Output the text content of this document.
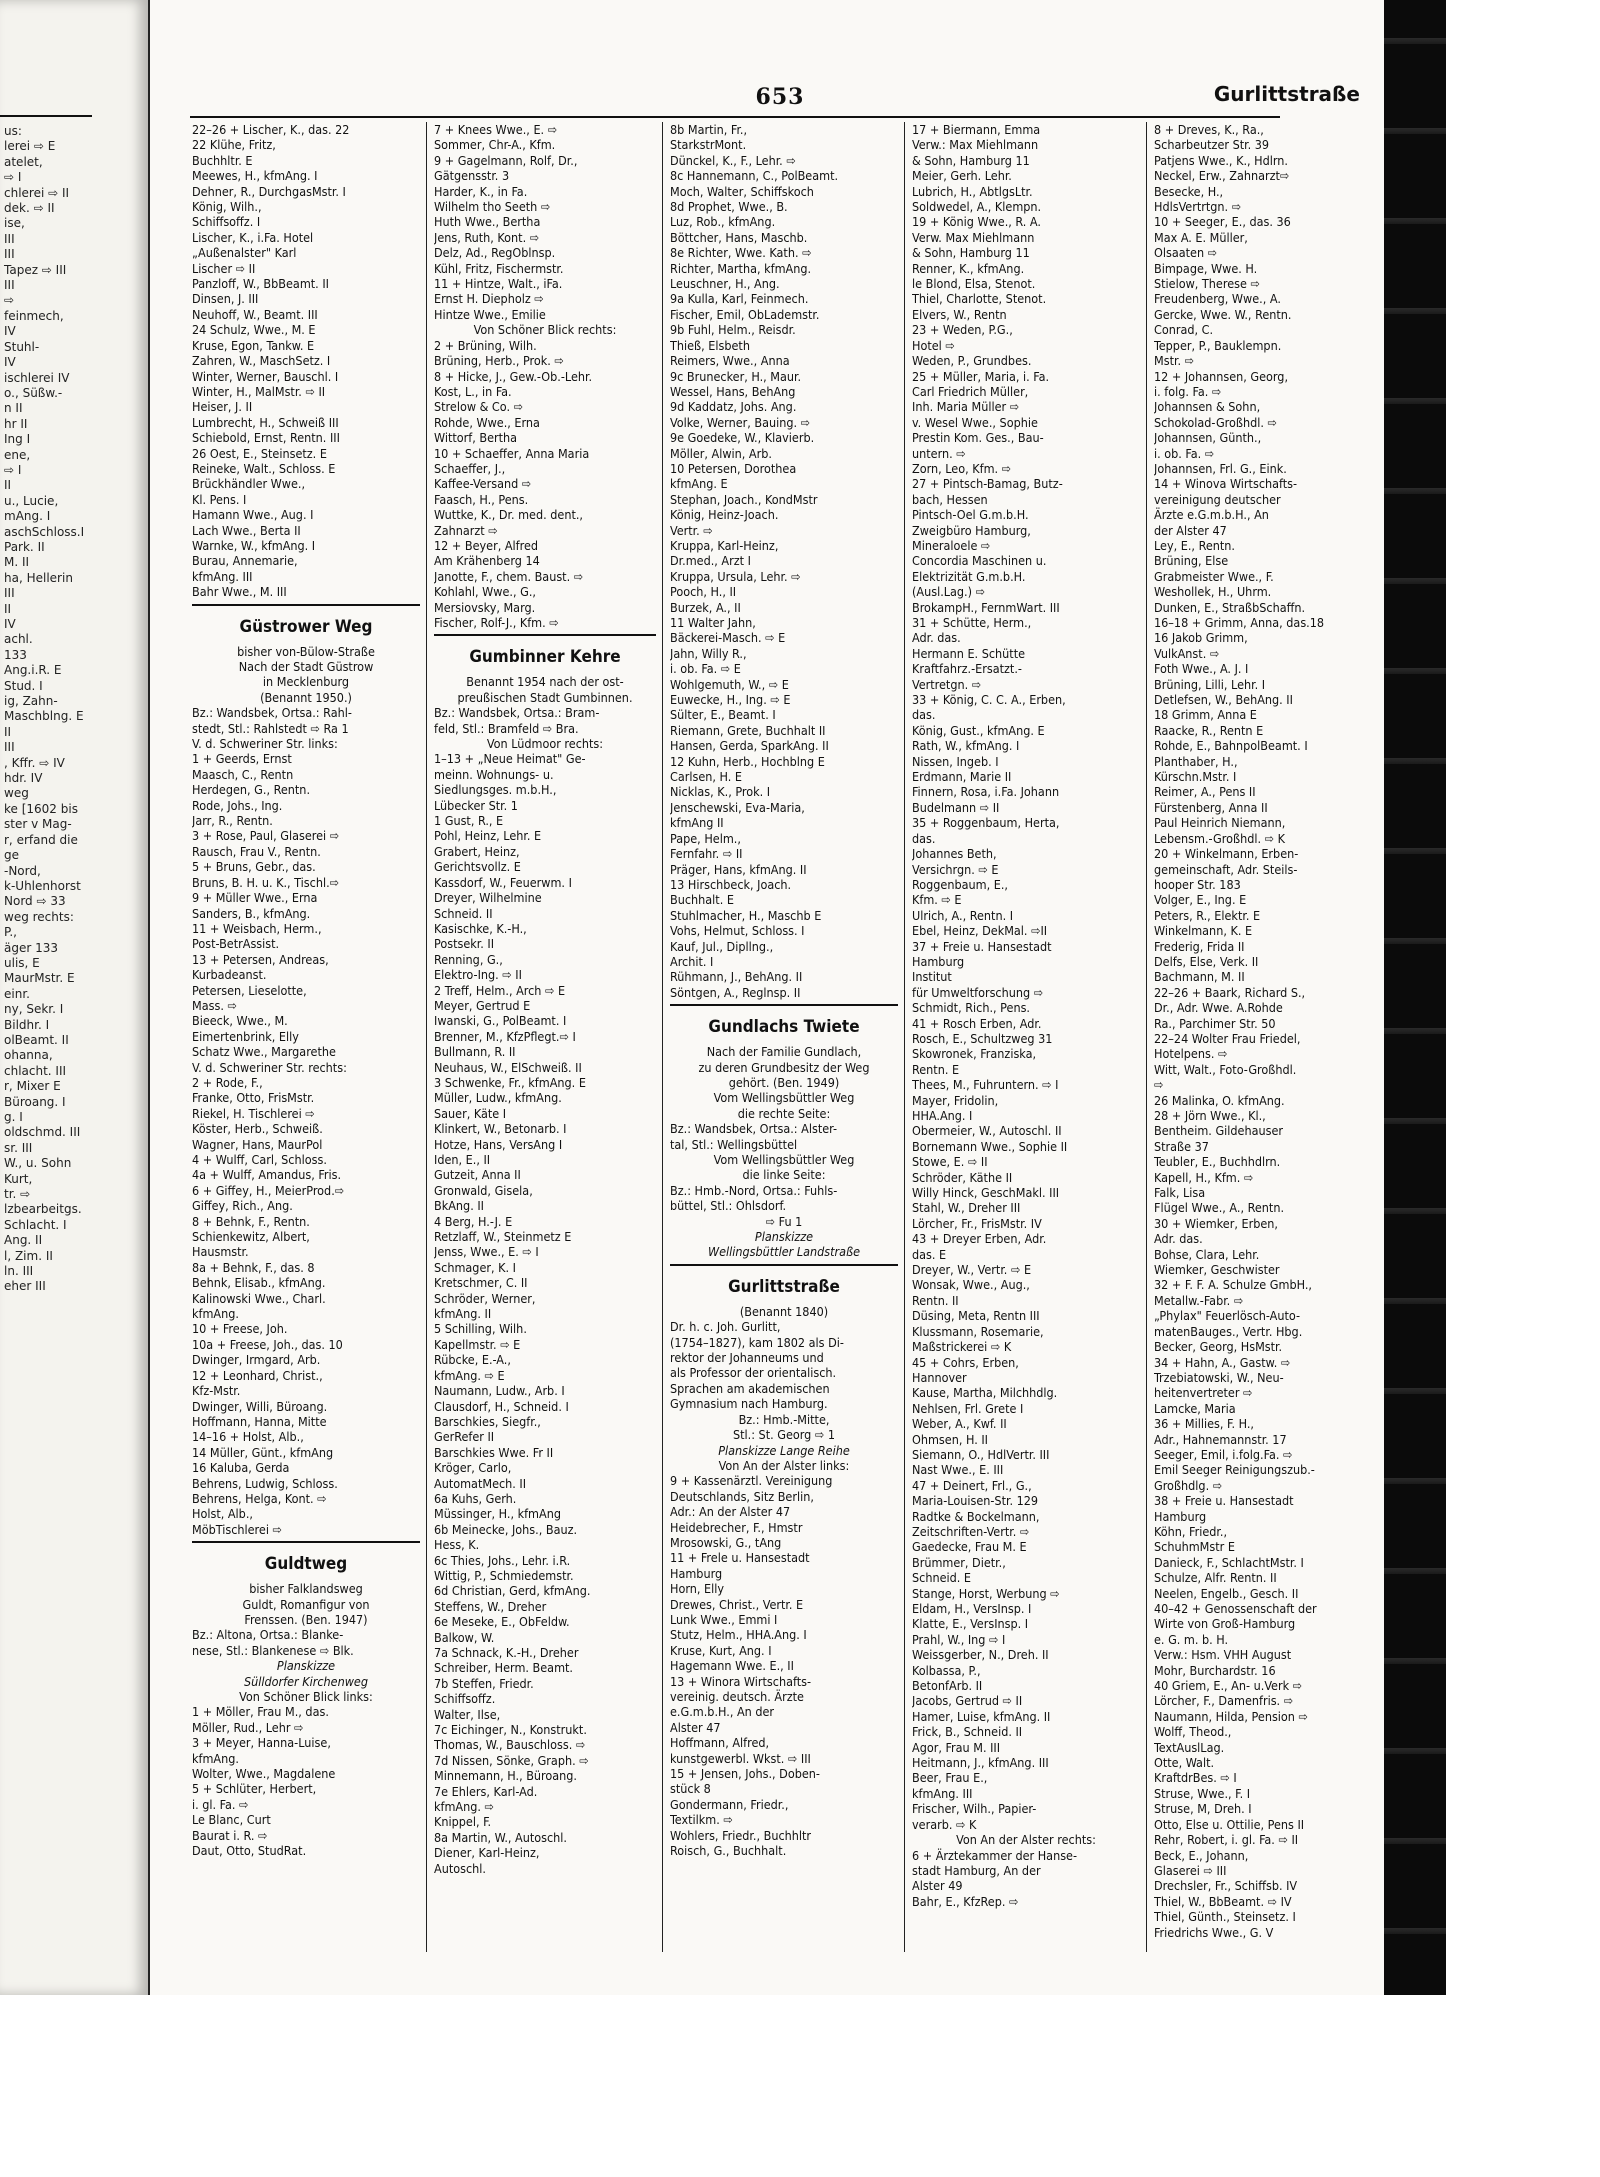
us:
lerei ⇨ E
atelet,
⇨ I
chlerei ⇨ II
dek. ⇨ II
ise,
III
III
Tapez ⇨ III
III
⇨
feinmech,
IV
Stuhl-
IV
ischlerei IV
o., Süßw.-
n II
hr II
Ing I
ene,
⇨ I
II
u., Lucie,
mAng. I
aschSchloss.I
Park. II
M. II
ha, Hellerin
III
II
IV
achl.
133
Ang.i.R. E
Stud. I
ig, Zahn-
Maschblng. E
II
III
, Kffr. ⇨ IV
hdr. IV
weg
ke [1602 bis
ster v Mag-
r, erfand die
ge
-Nord,
k-Uhlenhorst
Nord ⇨ 33
weg rechts:
P.,
äger 133
ulis, E
MaurMstr. E
einr.
ny, Sekr. I
Bildhr. I
olBeamt. II
ohanna,
chlacht. III
r, Mixer E
Büroang. I
g. I
oldschmd. III
sr. III
W., u. Sohn
Kurt,
tr. ⇨
lzbearbeitgs.
Schlacht. I
Ang. II
l, Zim. II
ln. III
eher III
653	Gurlittstraße
22–26 + Lischer, K., das. 22
22 Klühe, Fritz,
Buchhltr. E
Meewes, H., kfmAng. I
Dehner, R., DurchgasMstr. I
König, Wilh.,
Schiffsoffz. I
Lischer, K., i.Fa. Hotel
„Außenalster" Karl
Lischer ⇨ II
Panzloff, W., BbBeamt. II
Dinsen, J. III
Neuhoff, W., Beamt. III
24 Schulz, Wwe., M. E
Kruse, Egon, Tankw. E
Zahren, W., MaschSetz. I
Winter, Werner, Bauschl. I
Winter, H., MalMstr. ⇨ II
Heiser, J. II
Lumbrecht, H., Schweiß III
Schiebold, Ernst, Rentn. III
26 Oest, E., Steinsetz. E
Reineke, Walt., Schloss. E
Brückhändler Wwe.,
Kl. Pens. I
Hamann Wwe., Aug. I
Lach Wwe., Berta II
Warnke, W., kfmAng. I
Burau, Annemarie,
kfmAng. III
Bahr Wwe., M. III
Güstrower Weg
bisher von-Bülow-Straße
Nach der Stadt Güstrow
in Mecklenburg
(Benannt 1950.)
Bz.: Wandsbek, Ortsa.: Rahl-
stedt, Stl.: Rahlstedt ⇨ Ra 1
V. d. Schweriner Str. links:
1 + Geerds, Ernst
Maasch, C., Rentn
Herdegen, G., Rentn.
Rode, Johs., Ing.
Jarr, R., Rentn.
3 + Rose, Paul, Glaserei ⇨
Rausch, Frau V., Rentn.
5 + Bruns, Gebr., das.
Bruns, B. H. u. K., Tischl.⇨
9 + Müller Wwe., Erna
Sanders, B., kfmAng.
11 + Weisbach, Herm.,
Post-BetrAssist.
13 + Petersen, Andreas,
Kurbadeanst.
Petersen, Lieselotte,
Mass. ⇨
Bieeck, Wwe., M.
Eimertenbrink, Elly
Schatz Wwe., Margarethe
V. d. Schweriner Str. rechts:
2 + Rode, F.,
Franke, Otto, FrisMstr.
Riekel, H. Tischlerei ⇨
Köster, Herb., Schweiß.
Wagner, Hans, MaurPol
4 + Wulff, Carl, Schloss.
4a + Wulff, Amandus, Fris.
6 + Giffey, H., MeierProd.⇨
Giffey, Rich., Ang.
8 + Behnk, F., Rentn.
Schienkewitz, Albert,
Hausmstr.
8a + Behnk, F., das. 8
Behnk, Elisab., kfmAng.
Kalinowski Wwe., Charl.
kfmAng.
10 + Freese, Joh.
10a + Freese, Joh., das. 10
Dwinger, Irmgard, Arb.
12 + Leonhard, Christ.,
Kfz-Mstr.
Dwinger, Willi, Büroang.
Hoffmann, Hanna, Mitte
14–16 + Holst, Alb.,
14 Müller, Günt., kfmAng
16 Kaluba, Gerda
Behrens, Ludwig, Schloss.
Behrens, Helga, Kont. ⇨
Holst, Alb.,
MöbTischlerei ⇨
Guldtweg
bisher Falklandsweg
Guldt, Romanfigur von
Frenssen. (Ben. 1947)
Bz.: Altona, Ortsa.: Blanke-
nese, Stl.: Blankenese ⇨ Blk.
Planskizze
Sülldorfer Kirchenweg
Von Schöner Blick links:
1 + Möller, Frau M., das.
Möller, Rud., Lehr ⇨
3 + Meyer, Hanna-Luise,
kfmAng.
Wolter, Wwe., Magdalene
5 + Schlüter, Herbert,
i. gl. Fa. ⇨
Le Blanc, Curt
Baurat i. R. ⇨
Daut, Otto, StudRat.
7 + Knees Wwe., E. ⇨
Sommer, Chr-A., Kfm.
9 + Gagelmann, Rolf, Dr.,
Gätgensstr. 3
Harder, K., in Fa.
Wilhelm tho Seeth ⇨
Huth Wwe., Bertha
Jens, Ruth, Kont. ⇨
Delz, Ad., RegOblnsp.
Kühl, Fritz, Fischermstr.
11 + Hintze, Walt., iFa.
Ernst H. Diepholz ⇨
Hintze Wwe., Emilie
Von Schöner Blick rechts:
2 + Brüning, Wilh.
Brüning, Herb., Prok. ⇨
8 + Hicke, J., Gew.-Ob.-Lehr.
Kost, L., in Fa.
Strelow & Co. ⇨
Rohde, Wwe., Erna
Wittorf, Bertha
10 + Schaeffer, Anna Maria
Schaeffer, J.,
Kaffee-Versand ⇨
Faasch, H., Pens.
Wuttke, K., Dr. med. dent.,
Zahnarzt ⇨
12 + Beyer, Alfred
Am Krähenberg 14
Janotte, F., chem. Baust. ⇨
Kohlahl, Wwe., G.,
Mersiovsky, Marg.
Fischer, Rolf-J., Kfm. ⇨
Gumbinner Kehre
Benannt 1954 nach der ost-
preußischen Stadt Gumbinnen.
Bz.: Wandsbek, Ortsa.: Bram-
feld, Stl.: Bramfeld ⇨ Bra.
Von Lüdmoor rechts:
1–13 + „Neue Heimat" Ge-
meinn. Wohnungs- u.
Siedlungsges. m.b.H.,
Lübecker Str. 1
1 Gust, R., E
Pohl, Heinz, Lehr. E
Grabert, Heinz,
Gerichtsvollz. E
Kassdorf, W., Feuerwm. I
Dreyer, Wilhelmine
Schneid. II
Kasischke, K.-H.,
Postsekr. II
Renning, G.,
Elektro-Ing. ⇨ II
2 Treff, Helm., Arch ⇨ E
Meyer, Gertrud E
Iwanski, G., PolBeamt. I
Brenner, M., KfzPflegt.⇨ I
Bullmann, R. II
Neuhaus, W., ElSchweiß. II
3 Schwenke, Fr., kfmAng. E
Müller, Ludw., kfmAng.
Sauer, Käte I
Klinkert, W., Betonarb. I
Hotze, Hans, VersAng I
Iden, E., II
Gutzeit, Anna II
Gronwald, Gisela,
BkAng. II
4 Berg, H.-J. E
Retzlaff, W., Steinmetz E
Jenss, Wwe., E. ⇨ I
Schmager, K. I
Kretschmer, C. II
Schröder, Werner,
kfmAng. II
5 Schilling, Wilh.
Kapellmstr. ⇨ E
Rübcke, E.-A.,
kfmAng. ⇨ E
Naumann, Ludw., Arb. I
Clausdorf, H., Schneid. I
Barschkies, Siegfr.,
GerRefer II
Barschkies Wwe. Fr II
Kröger, Carlo,
AutomatMech. II
6a Kuhs, Gerh.
Müssinger, H., kfmAng
6b Meinecke, Johs., Bauz.
Hess, K.
6c Thies, Johs., Lehr. i.R.
Wittig, P., Schmiedemstr.
6d Christian, Gerd, kfmAng.
Steffens, W., Dreher
6e Meseke, E., ObFeldw.
Balkow, W.
7a Schnack, K.-H., Dreher
Schreiber, Herm. Beamt.
7b Steffen, Friedr.
Schiffsoffz.
Walter, Ilse,
7c Eichinger, N., Konstrukt.
Thomas, W., Bauschloss. ⇨
7d Nissen, Sönke, Graph. ⇨
Minnemann, H., Büroang.
7e Ehlers, Karl-Ad.
kfmAng. ⇨
Knippel, F.
8a Martin, W., Autoschl.
Diener, Karl-Heinz,
Autoschl.
8b Martin, Fr.,
StarkstrMont.
Dünckel, K., F., Lehr. ⇨
8c Hannemann, C., PolBeamt.
Moch, Walter, Schiffskoch
8d Prophet, Wwe., B.
Luz, Rob., kfmAng.
Böttcher, Hans, Maschb.
8e Richter, Wwe. Kath. ⇨
Richter, Martha, kfmAng.
Leuschner, H., Ang.
9a Kulla, Karl, Feinmech.
Fischer, Emil, ObLademstr.
9b Fuhl, Helm., Reisdr.
Thieß, Elsbeth
Reimers, Wwe., Anna
9c Brunecker, H., Maur.
Wessel, Hans, BehAng
9d Kaddatz, Johs. Ang.
Volke, Werner, Bauing. ⇨
9e Goedeke, W., Klavierb.
Möller, Alwin, Arb.
10 Petersen, Dorothea
kfmAng. E
Stephan, Joach., KondMstr
König, Heinz-Joach.
Vertr. ⇨
Kruppa, Karl-Heinz,
Dr.med., Arzt I
Kruppa, Ursula, Lehr. ⇨
Pooch, H., II
Burzek, A., II
11 Walter Jahn,
Bäckerei-Masch. ⇨ E
Jahn, Willy R.,
i. ob. Fa. ⇨ E
Wohlgemuth, W., ⇨ E
Euwecke, H., Ing. ⇨ E
Sülter, E., Beamt. I
Riemann, Grete, Buchhalt II
Hansen, Gerda, SparkAng. II
12 Kuhn, Herb., Hochblng E
Carlsen, H. E
Nicklas, K., Prok. I
Jenschewski, Eva-Maria,
kfmAng II
Pape, Helm.,
Fernfahr. ⇨ II
Präger, Hans, kfmAng. II
13 Hirschbeck, Joach.
Buchhalt. E
Stuhlmacher, H., Maschb E
Vohs, Helmut, Schloss. I
Kauf, Jul., Dipllng.,
Archit. I
Rühmann, J., BehAng. II
Söntgen, A., Reglnsp. II
Gundlachs Twiete
Nach der Familie Gundlach,
zu deren Grundbesitz der Weg
gehört. (Ben. 1949)
Vom Wellingsbüttler Weg
die rechte Seite:
Bz.: Wandsbek, Ortsa.: Alster-
tal, Stl.: Wellingsbüttel
Vom Wellingsbüttler Weg
die linke Seite:
Bz.: Hmb.-Nord, Ortsa.: Fuhls-
büttel, Stl.: Ohlsdorf.
⇨ Fu 1
Planskizze
Wellingsbüttler Landstraße
Gurlittstraße
(Benannt 1840)
Dr. h. c. Joh. Gurlitt,
(1754–1827), kam 1802 als Di-
rektor der Johanneums und
als Professor der orientalisch.
Sprachen am akademischen
Gymnasium nach Hamburg.
Bz.: Hmb.-Mitte,
Stl.: St. Georg ⇨ 1
Planskizze Lange Reihe
Von An der Alster links:
9 + Kassenärztl. Vereinigung
Deutschlands, Sitz Berlin,
Adr.: An der Alster 47
Heidebrecher, F., Hmstr
Mrosowski, G., tAng
11 + Frele u. Hansestadt
Hamburg
Horn, Elly
Drewes, Christ., Vertr. E
Lunk Wwe., Emmi I
Stutz, Helm., HHA.Ang. I
Kruse, Kurt, Ang. I
Hagemann Wwe. E., II
13 + Winora Wirtschafts-
vereinig. deutsch. Ärzte
e.G.m.b.H., An der
Alster 47
Hoffmann, Alfred,
kunstgewerbl. Wkst. ⇨ III
15 + Jensen, Johs., Doben-
stück 8
Gondermann, Friedr.,
Textilkm. ⇨
Wohlers, Friedr., Buchhltr
Roisch, G., Buchhalt.
17 + Biermann, Emma
Verw.: Max Miehlmann
& Sohn, Hamburg 11
Meier, Gerh. Lehr.
Lubrich, H., AbtlgsLtr.
Soldwedel, A., Klempn.
19 + König Wwe., R. A.
Verw. Max Miehlmann
& Sohn, Hamburg 11
Renner, K., kfmAng.
le Blond, Elsa, Stenot.
Thiel, Charlotte, Stenot.
Elvers, W., Rentn
23 + Weden, P.G.,
Hotel ⇨
Weden, P., Grundbes.
25 + Müller, Maria, i. Fa.
Carl Friedrich Müller,
Inh. Maria Müller ⇨
v. Wesel Wwe., Sophie
Prestin Kom. Ges., Bau-
untern. ⇨
Zorn, Leo, Kfm. ⇨
27 + Pintsch-Bamag, Butz-
bach, Hessen
Pintsch-Oel G.m.b.H.
Zweigbüro Hamburg,
Mineraloele ⇨
Concordia Maschinen u.
Elektrizität G.m.b.H.
(Ausl.Lag.) ⇨
BrokampH., FernmWart. III
31 + Schütte, Herm.,
Adr. das.
Hermann E. Schütte
Kraftfahrz.-Ersatzt.-
Vertretgn. ⇨
33 + König, C. C. A., Erben,
das.
König, Gust., kfmAng. E
Rath, W., kfmAng. I
Nissen, Ingeb. I
Erdmann, Marie II
Finnern, Rosa, i.Fa. Johann
Budelmann ⇨ II
35 + Roggenbaum, Herta,
das.
Johannes Beth,
Versichrgn. ⇨ E
Roggenbaum, E.,
Kfm. ⇨ E
Ulrich, A., Rentn. I
Ebel, Heinz, DekMal. ⇨II
37 + Freie u. Hansestadt
Hamburg
Institut
für Umweltforschung ⇨
Schmidt, Rich., Pens.
41 + Rosch Erben, Adr.
Rosch, E., Schultzweg 31
Skowronek, Franziska,
Rentn. E
Thees, M., Fuhruntern. ⇨ I
Mayer, Fridolin,
HHA.Ang. I
Obermeier, W., Autoschl. II
Bornemann Wwe., Sophie II
Stowe, E. ⇨ II
Schröder, Käthe II
Willy Hinck, GeschMakl. III
Stahl, W., Dreher III
Lörcher, Fr., FrisMstr. IV
43 + Dreyer Erben, Adr.
das. E
Dreyer, W., Vertr. ⇨ E
Wonsak, Wwe., Aug.,
Rentn. II
Düsing, Meta, Rentn III
Klussmann, Rosemarie,
Maßstrickerei ⇨ K
45 + Cohrs, Erben,
Hannover
Kause, Martha, Milchhdlg.
Nehlsen, Frl. Grete I
Weber, A., Kwf. II
Ohmsen, H. II
Siemann, O., HdlVertr. III
Nast Wwe., E. III
47 + Deinert, Frl., G.,
Maria-Louisen-Str. 129
Radtke & Bockelmann,
Zeitschriften-Vertr. ⇨
Gaedecke, Frau M. E
Brümmer, Dietr.,
Schneid. E
Stange, Horst, Werbung ⇨
Eldam, H., VersInsp. I
Klatte, E., VersInsp. I
Prahl, W., Ing ⇨ I
Weissgerber, N., Dreh. II
Kolbassa, P.,
BetonfArb. II
Jacobs, Gertrud ⇨ II
Hamer, Luise, kfmAng. II
Frick, B., Schneid. II
Agor, Frau M. III
Heitmann, J., kfmAng. III
Beer, Frau E.,
kfmAng. III
Frischer, Wilh., Papier-
verarb. ⇨ K
Von An der Alster rechts:
6 + Ärztekammer der Hanse-
stadt Hamburg, An der
Alster 49
Bahr, E., KfzRep. ⇨
8 + Dreves, K., Ra.,
Scharbeutzer Str. 39
Patjens Wwe., K., Hdlrn.
Neckel, Erw., Zahnarzt⇨
Besecke, H.,
HdlsVertrtgn. ⇨
10 + Seeger, E., das. 36
Max A. E. Müller,
Olsaaten ⇨
Bimpage, Wwe. H.
Stielow, Therese ⇨
Freudenberg, Wwe., A.
Gercke, Wwe. W., Rentn.
Conrad, C.
Tepper, P., Bauklempn.
Mstr. ⇨
12 + Johannsen, Georg,
i. folg. Fa. ⇨
Johannsen & Sohn,
Schokolad-Großhdl. ⇨
Johannsen, Günth.,
i. ob. Fa. ⇨
Johannsen, Frl. G., Eink.
14 + Winova Wirtschafts-
vereinigung deutscher
Ärzte e.G.m.b.H., An
der Alster 47
Ley, E., Rentn.
Brüning, Else
Grabmeister Wwe., F.
Weshollek, H., Uhrm.
Dunken, E., StraßbSchaffn.
16–18 + Grimm, Anna, das.18
16 Jakob Grimm,
VulkAnst. ⇨
Foth Wwe., A. J. I
Brüning, Lilli, Lehr. I
Detlefsen, W., BehAng. II
18 Grimm, Anna E
Raacke, R., Rentn E
Rohde, E., BahnpolBeamt. I
Planthaber, H.,
Kürschn.Mstr. I
Reimer, A., Pens II
Fürstenberg, Anna II
Paul Heinrich Niemann,
Lebensm.-Großhdl. ⇨ K
20 + Winkelmann, Erben-
gemeinschaft, Adr. Steils-
hooper Str. 183
Volger, E., Ing. E
Peters, R., Elektr. E
Winkelmann, K. E
Frederig, Frida II
Delfs, Else, Verk. II
Bachmann, M. II
22–26 + Baark, Richard S.,
Dr., Adr. Wwe. A.Rohde
Ra., Parchimer Str. 50
22–24 Wolter Frau Friedel,
Hotelpens. ⇨
Witt, Walt., Foto-Großhdl.
⇨
26 Malinka, O. kfmAng.
28 + Jörn Wwe., Kl.,
Bentheim. Gildehauser
Straße 37
Teubler, E., Buchhdlrn.
Kapell, H., Kfm. ⇨
Falk, Lisa
Flügel Wwe., A., Rentn.
30 + Wiemker, Erben,
Adr. das.
Bohse, Clara, Lehr.
Wiemker, Geschwister
32 + F. F. A. Schulze GmbH.,
Metallw.-Fabr. ⇨
„Phylax" Feuerlösch-Auto-
matenBauges., Vertr. Hbg.
Becker, Georg, HsMstr.
34 + Hahn, A., Gastw. ⇨
Trzebiatowski, W., Neu-
heitenvertreter ⇨
Lamcke, Maria
36 + Millies, F. H.,
Adr., Hahnemannstr. 17
Seeger, Emil, i.folg.Fa. ⇨
Emil Seeger Reinigungszub.-
Großhdlg. ⇨
38 + Freie u. Hansestadt
Hamburg
Köhn, Friedr.,
SchuhmMstr E
Danieck, F., SchlachtMstr. I
Schulze, Alfr. Rentn. II
Neelen, Engelb., Gesch. II
40–42 + Genossenschaft der
Wirte von Groß-Hamburg
e. G. m. b. H.
Verw.: Hsm. VHH August
Mohr, Burchardstr. 16
40 Griem, E., An- u.Verk ⇨
Lörcher, F., Damenfris. ⇨
Naumann, Hilda, Pension ⇨
Wolff, Theod.,
TextAuslLag.
Otte, Walt.
KraftdrBes. ⇨ I
Struse, Wwe., F. I
Struse, M, Dreh. I
Otto, Else u. Ottilie, Pens II
Rehr, Robert, i. gl. Fa. ⇨ II
Beck, E., Johann,
Glaserei ⇨ III
Drechsler, Fr., Schiffsb. IV
Thiel, W., BbBeamt. ⇨ IV
Thiel, Günth., Steinsetz. I
Friedrichs Wwe., G. V
